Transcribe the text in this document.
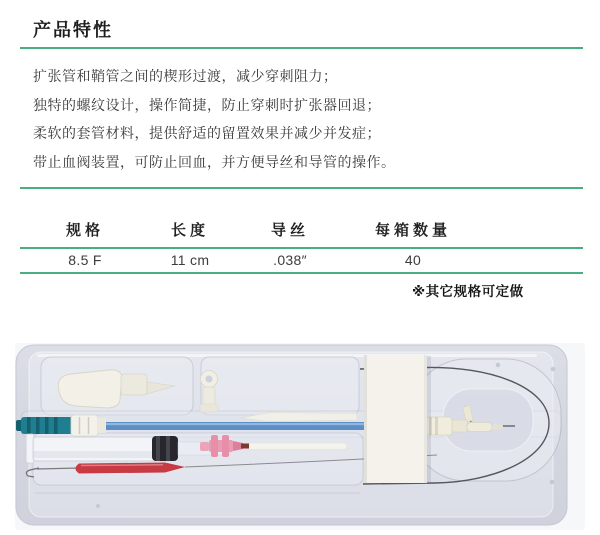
产品特性

扩张管和鞘管之间的楔形过渡，减少穿刺阻力；

独特的螺纹设计，操作简捷，防止穿刺时扩张器回退；

柔软的套管材料，提供舒适的留置效果并减少并发症；

带止血阀装置，可防止回血，并方便导丝和导管的操作。

规格	长度	导丝	每箱数量
8.5 F	11 cm	.038″	40

※其它规格可定做
